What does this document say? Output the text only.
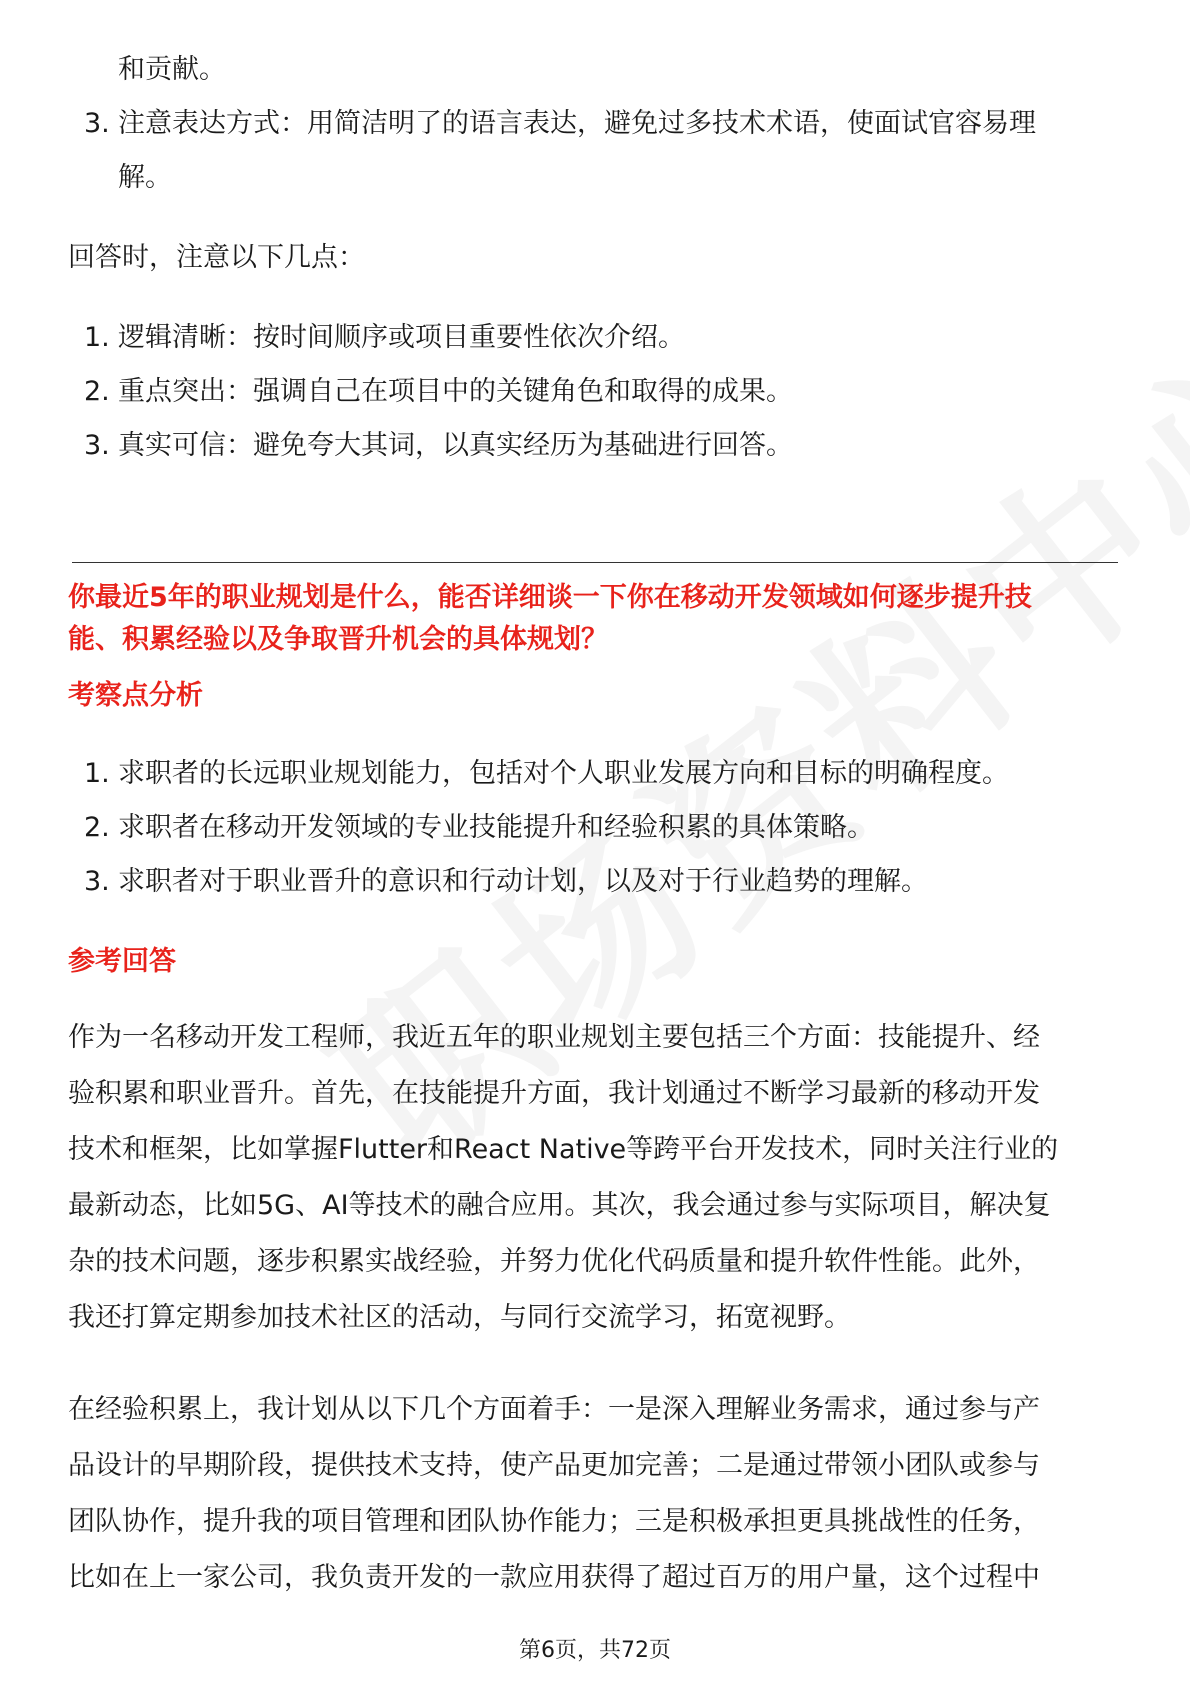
和贡献。
3. 注意表达方式：用简洁明了的语言表达，避免过多技术术语，使面试官容易理
解。
回答时，注意以下几点：
1. 逻辑清晰：按时间顺序或项目重要性依次介绍。
2. 重点突出：强调自己在项目中的关键角色和取得的成果。
3. 真实可信：避免夸大其词，以真实经历为基础进行回答。
你最近5年的职业规划是什么，能否详细谈一下你在移动开发领域如何逐步提升技
能、积累经验以及争取晋升机会的具体规划？
考察点分析
1. 求职者的长远职业规划能力，包括对个人职业发展方向和目标的明确程度。
2. 求职者在移动开发领域的专业技能提升和经验积累的具体策略。
3. 求职者对于职业晋升的意识和行动计划，以及对于行业趋势的理解。
参考回答
作为一名移动开发工程师，我近五年的职业规划主要包括三个方面：技能提升、经
验积累和职业晋升。首先，在技能提升方面，我计划通过不断学习最新的移动开发
技术和框架，比如掌握Flutter和React Native等跨平台开发技术，同时关注行业的
最新动态，比如5G、AI等技术的融合应用。其次，我会通过参与实际项目，解决复
杂的技术问题，逐步积累实战经验，并努力优化代码质量和提升软件性能。此外，
我还打算定期参加技术社区的活动，与同行交流学习，拓宽视野。
在经验积累上，我计划从以下几个方面着手：一是深入理解业务需求，通过参与产
品设计的早期阶段，提供技术支持，使产品更加完善；二是通过带领小团队或参与
团队协作，提升我的项目管理和团队协作能力；三是积极承担更具挑战性的任务，
比如在上一家公司，我负责开发的一款应用获得了超过百万的用户量，这个过程中
第6页，共72页
